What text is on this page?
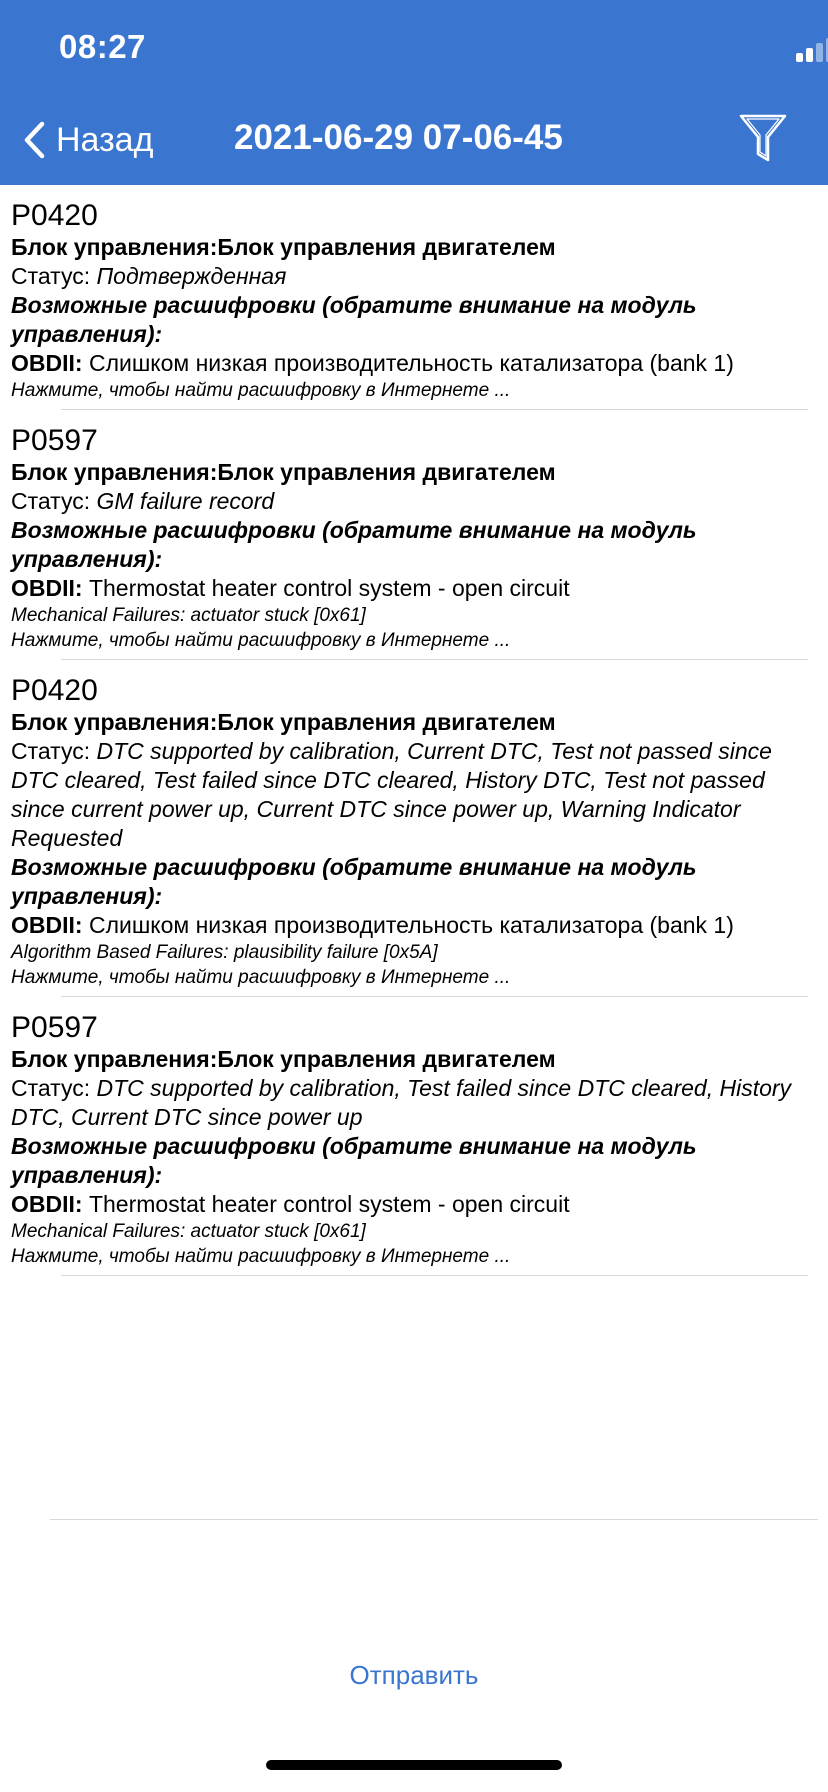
08:27
Назад 2021-06-29 07-06-45
P0420
Блок управления:Блок управления двигателем
Статус: Подтвержденная
Возможные расшифровки (обратите внимание на модуль управления):
OBDII: Слишком низкая производительность катализатора (bank 1)
Нажмите, чтобы найти расшифровку в Интернете ...
P0597
Блок управления:Блок управления двигателем
Статус: GM failure record
Возможные расшифровки (обратите внимание на модуль управления):
OBDII: Thermostat heater control system - open circuit
Mechanical Failures: actuator stuck [0x61]
Нажмите, чтобы найти расшифровку в Интернете ...
P0420
Блок управления:Блок управления двигателем
Статус: DTC supported by calibration, Current DTC, Test not passed since DTC cleared, Test failed since DTC cleared, History DTC, Test not passed since current power up, Current DTC since power up, Warning Indicator Requested
Возможные расшифровки (обратите внимание на модуль управления):
OBDII: Слишком низкая производительность катализатора (bank 1)
Algorithm Based Failures: plausibility failure [0x5A]
Нажмите, чтобы найти расшифровку в Интернете ...
P0597
Блок управления:Блок управления двигателем
Статус: DTC supported by calibration, Test failed since DTC cleared, History DTC, Current DTC since power up
Возможные расшифровки (обратите внимание на модуль управления):
OBDII: Thermostat heater control system - open circuit
Mechanical Failures: actuator stuck [0x61]
Нажмите, чтобы найти расшифровку в Интернете ...
Отправить
